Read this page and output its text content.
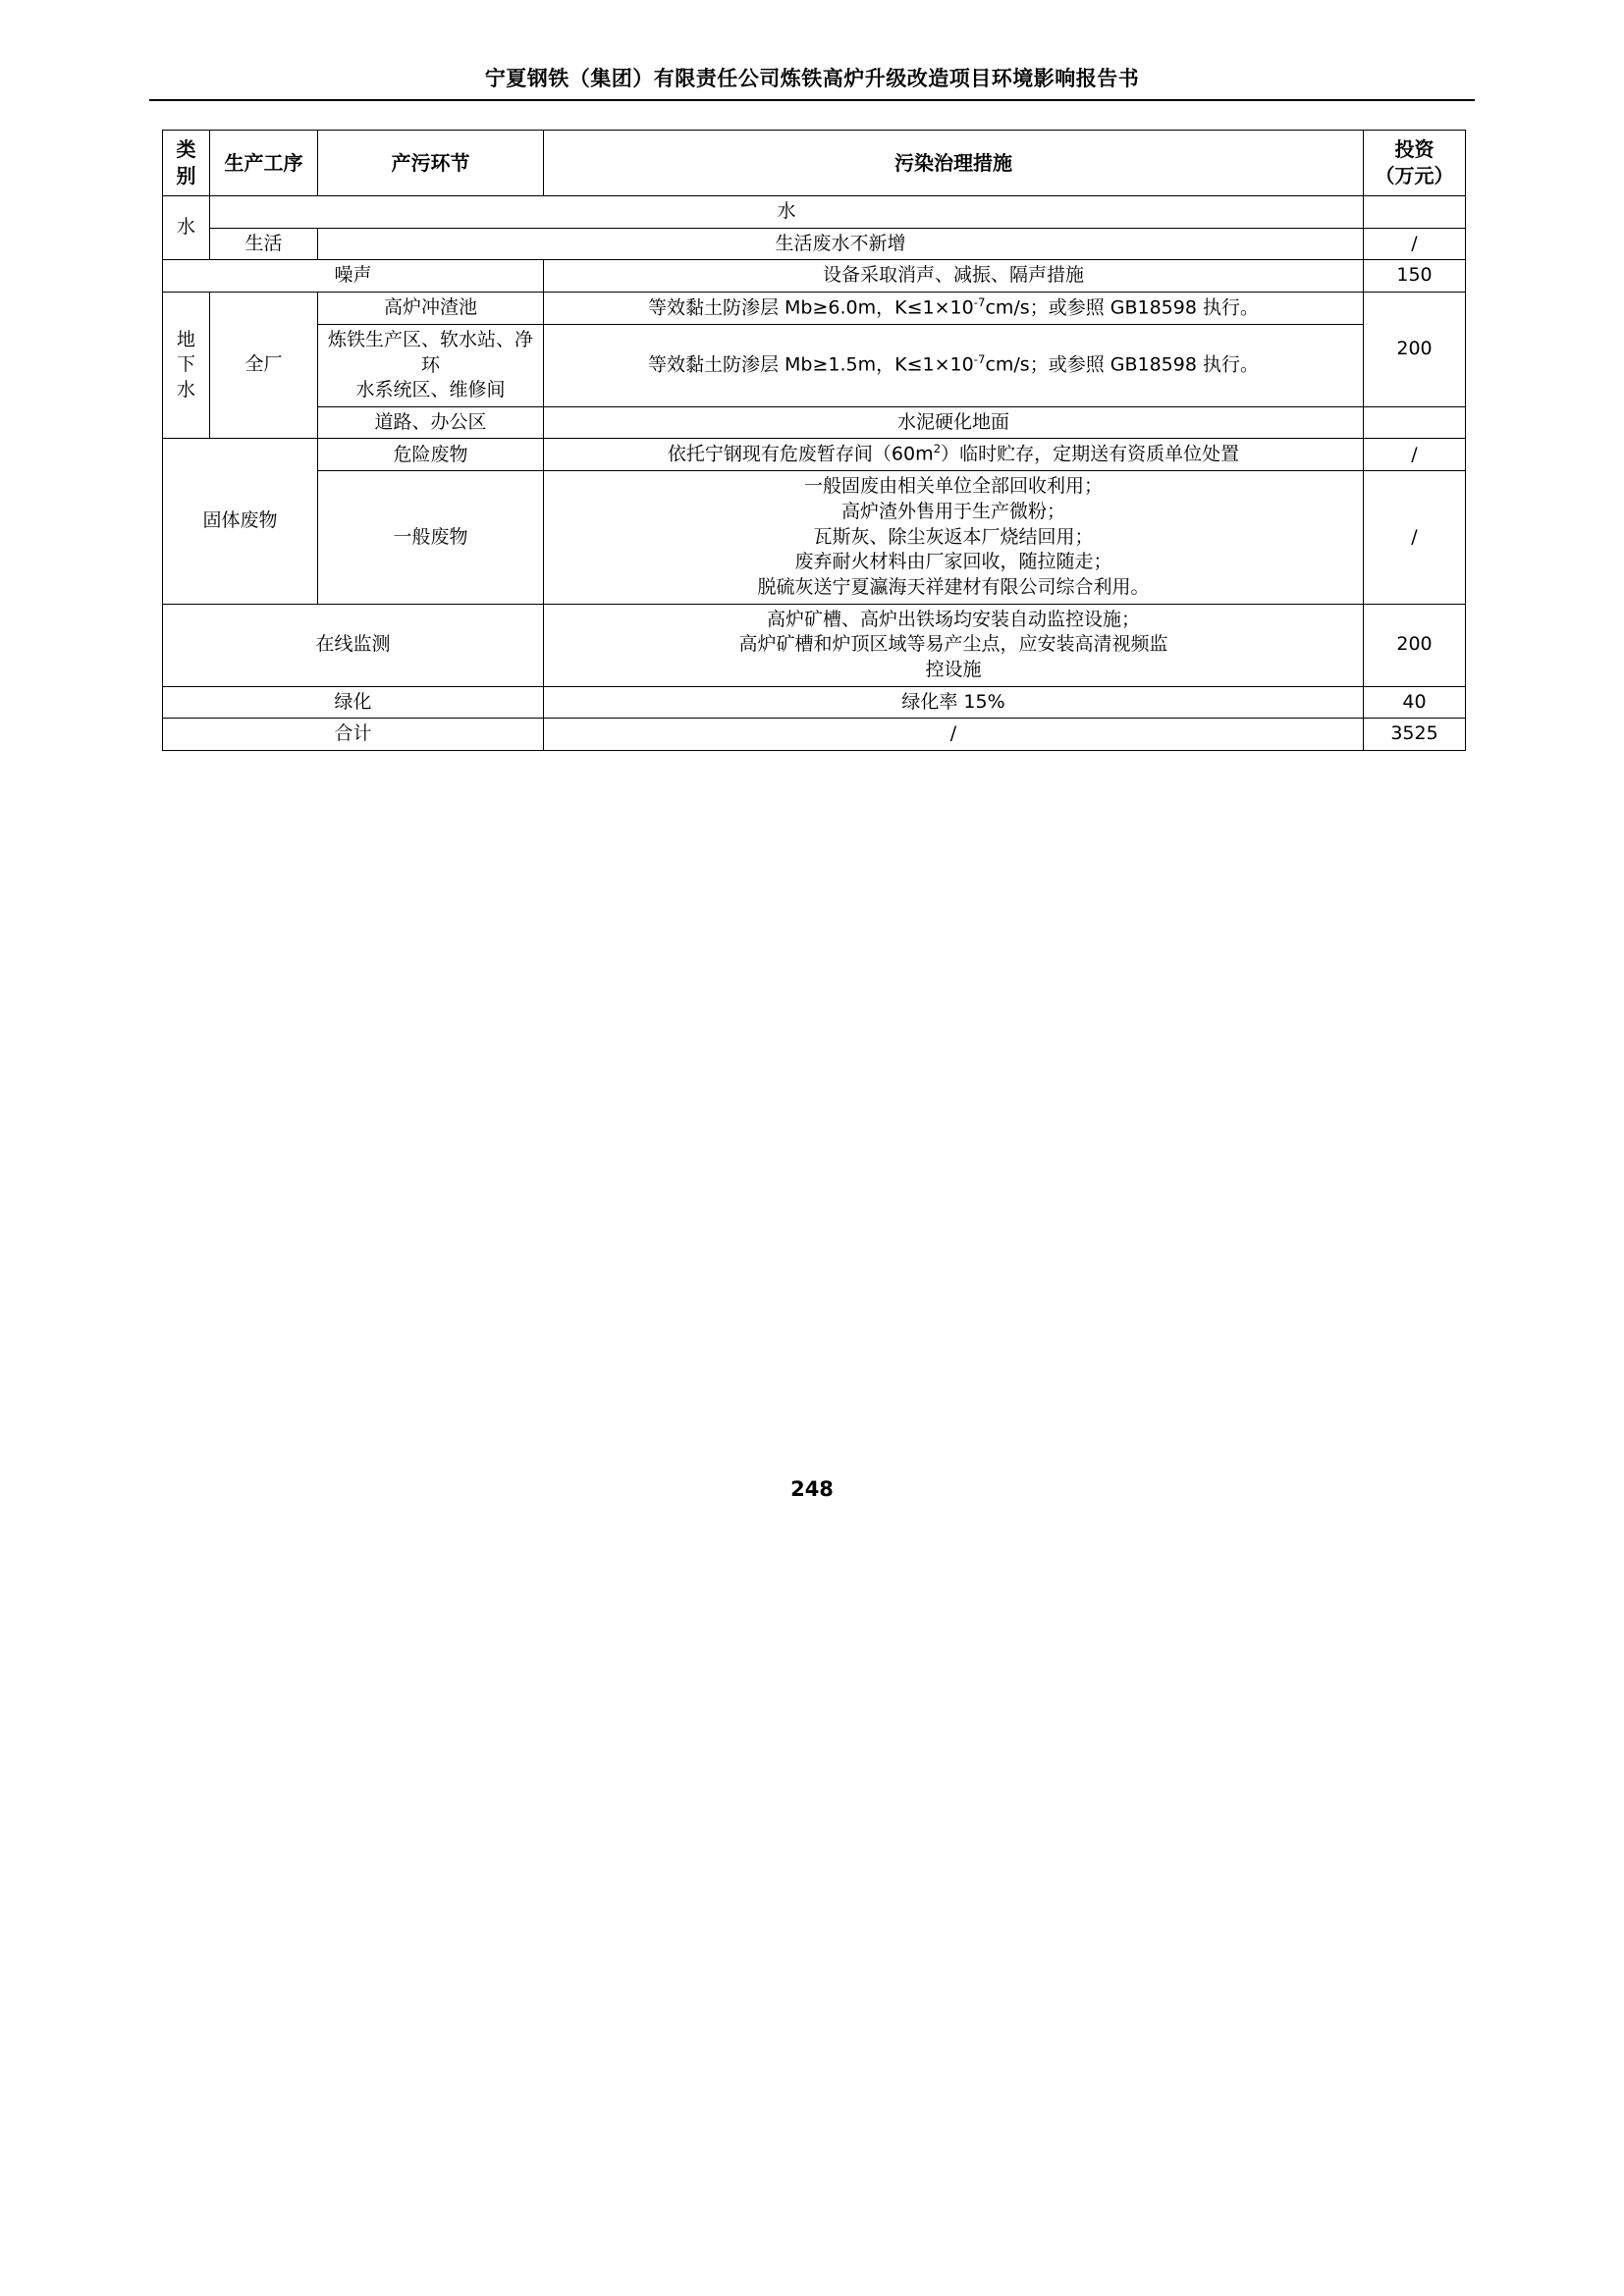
宁夏钢铁（集团）有限责任公司炼铁高炉升级改造项目环境影响报告书
类
别	生产工序	产污环节	污染治理措施	投资
（万元）
水	水			
	生活	生活废水不新增		/
噪声			设备采取消声、减振、隔声措施	150
地
下
水	全厂	高炉冲渣池	等效黏土防渗层 Mb≥6.0m，$K\le 1\times 10^{-7}cm/s$；或参照 GB18598 执行。	200
		炼铁生产区、软水站、净环
水系统区、维修间	等效黏土防渗层 Mb≥1.5m，$K\le 1\times 10^{-7}cm/s$；或参照 GB18598 执行。	
		道路、办公区	水泥硬化地面	
固体废物		危险废物	依托宁钢现有危废暂存间$(60m^2)$临时贮存，定期送有资质单位处置	/
		一般废物	一般固废由相关单位全部回收利用；
高炉渣外售用于生产微粉；
瓦斯灰、除尘灰返本厂烧结回用；
废弃耐火材料由厂家回收，随拉随走；
脱硫灰送宁夏瀛海天祥建材有限公司综合利用。	/
在线监测			高炉矿槽、高炉出铁场均安装自动监控设施；
高炉矿槽和炉顶区域等易产尘点，应安装高清视频监
控设施	200
绿化			绿化率 15%	40
合计			/	3525
248
